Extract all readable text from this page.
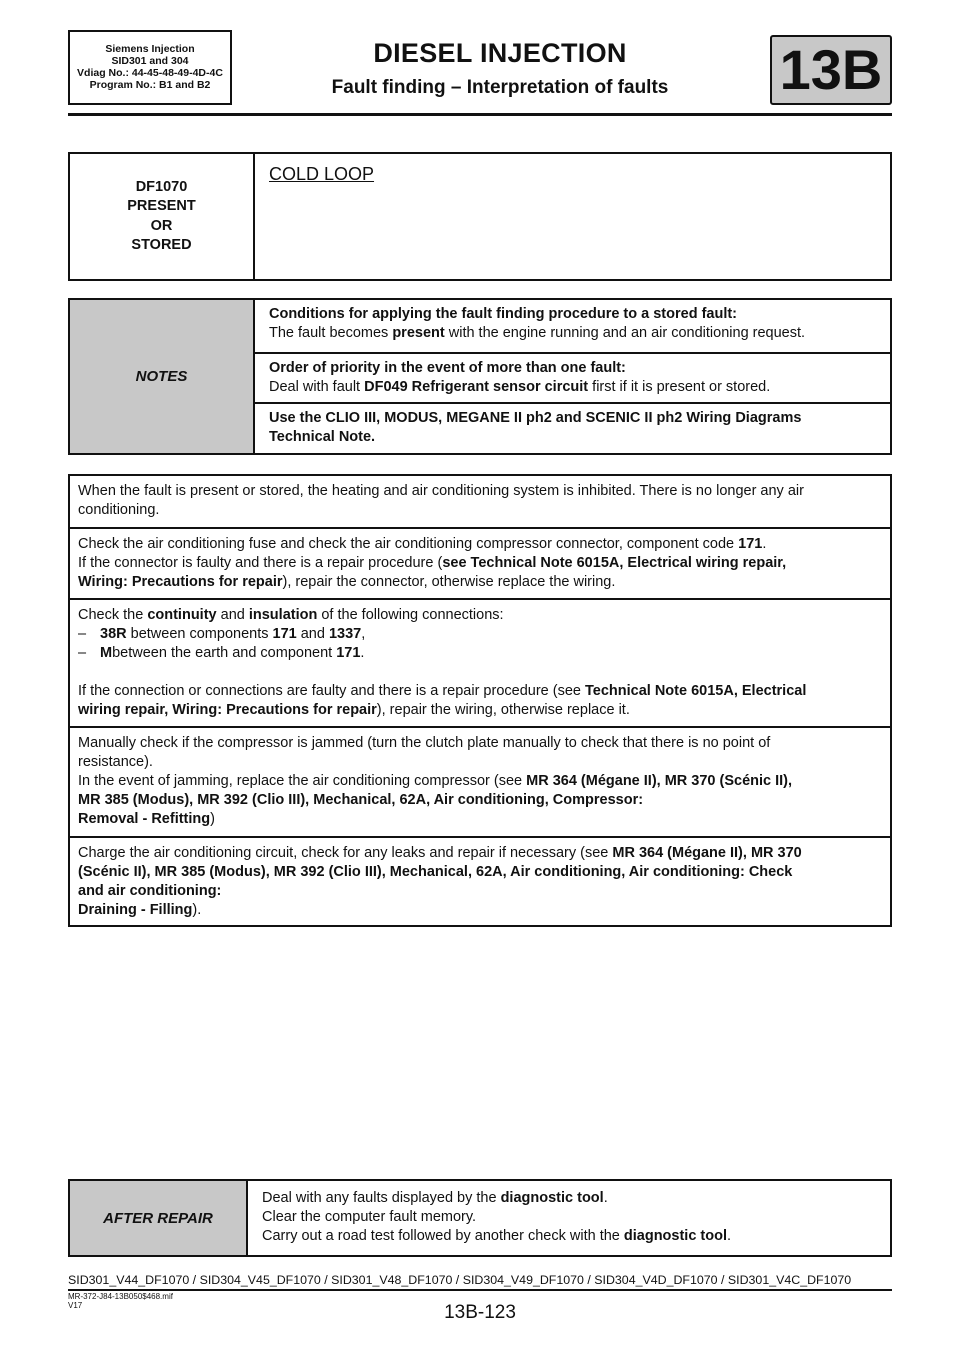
Siemens Injection
SID301 and 304
Vdiag No.: 44-45-48-49-4D-4C
Program No.: B1 and B2
DIESEL INJECTION
Fault finding – Interpretation of faults	13B
DF1070
PRESENT
OR
STORED
COLD LOOP
NOTES
Conditions for applying the fault finding procedure to a stored fault:
The fault becomes present with the engine running and an air conditioning request.
Order of priority in the event of more than one fault:
Deal with fault DF049 Refrigerant sensor circuit first if it is present or stored.
Use the CLIO III, MODUS, MEGANE II ph2 and SCENIC II ph2 Wiring Diagrams
Technical Note.
When the fault is present or stored, the heating and air conditioning system is inhibited. There is no longer any air
conditioning.
Check the air conditioning fuse and check the air conditioning compressor connector, component code 171.
If the connector is faulty and there is a repair procedure (see Technical Note 6015A, Electrical wiring repair,
Wiring: Precautions for repair), repair the connector, otherwise replace the wiring.
Check the continuity and insulation of the following connections:
– 38R between components 171 and 1337,
– Mbetween the earth and component 171.

If the connection or connections are faulty and there is a repair procedure (see Technical Note 6015A, Electrical
wiring repair, Wiring: Precautions for repair), repair the wiring, otherwise replace it.
Manually check if the compressor is jammed (turn the clutch plate manually to check that there is no point of
resistance).
In the event of jamming, replace the air conditioning compressor (see MR 364 (Mégane II), MR 370 (Scénic II),
MR 385 (Modus), MR 392 (Clio III), Mechanical, 62A, Air conditioning, Compressor:
Removal - Refitting)
Charge the air conditioning circuit, check for any leaks and repair if necessary (see MR 364 (Mégane II), MR 370
(Scénic II), MR 385 (Modus), MR 392 (Clio III), Mechanical, 62A, Air conditioning, Air conditioning: Check
and air conditioning:
Draining - Filling).
AFTER REPAIR
Deal with any faults displayed by the diagnostic tool.
Clear the computer fault memory.
Carry out a road test followed by another check with the diagnostic tool.
SID301_V44_DF1070 / SID304_V45_DF1070 / SID301_V48_DF1070 / SID304_V49_DF1070 / SID304_V4D_DF1070 / SID301_V4C_DF1070
MR-372-J84-13B050$468.mif
V17	13B-123
